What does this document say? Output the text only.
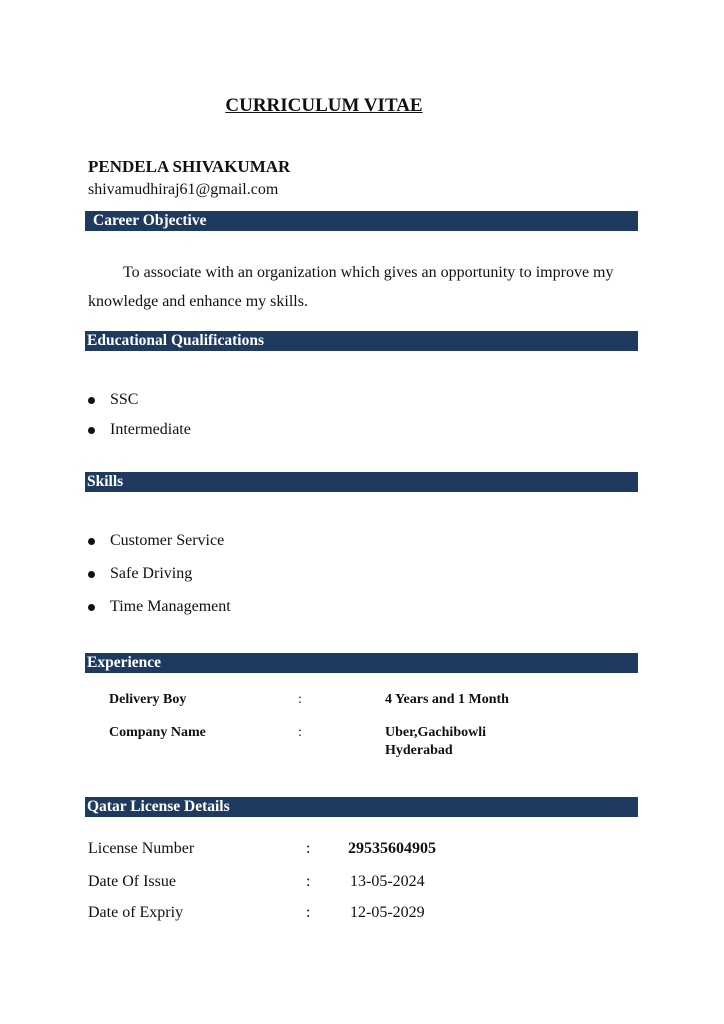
CURRICULUM VITAE
PENDELA SHIVAKUMAR
shivamudhiraj61@gmail.com
Career Objective
To associate with an organization which gives an opportunity to improve my knowledge and enhance my skills.
Educational Qualifications
SSC
Intermediate
Skills
Customer Service
Safe Driving
Time Management
Experience
Delivery Boy	:	4 Years and 1 Month
Company Name	:	Uber,Gachibowli
Hyderabad
Qatar License Details
License Number	: 29535604905
Date Of Issue	: 13-05-2024
Date of Expriy	: 12-05-2029
